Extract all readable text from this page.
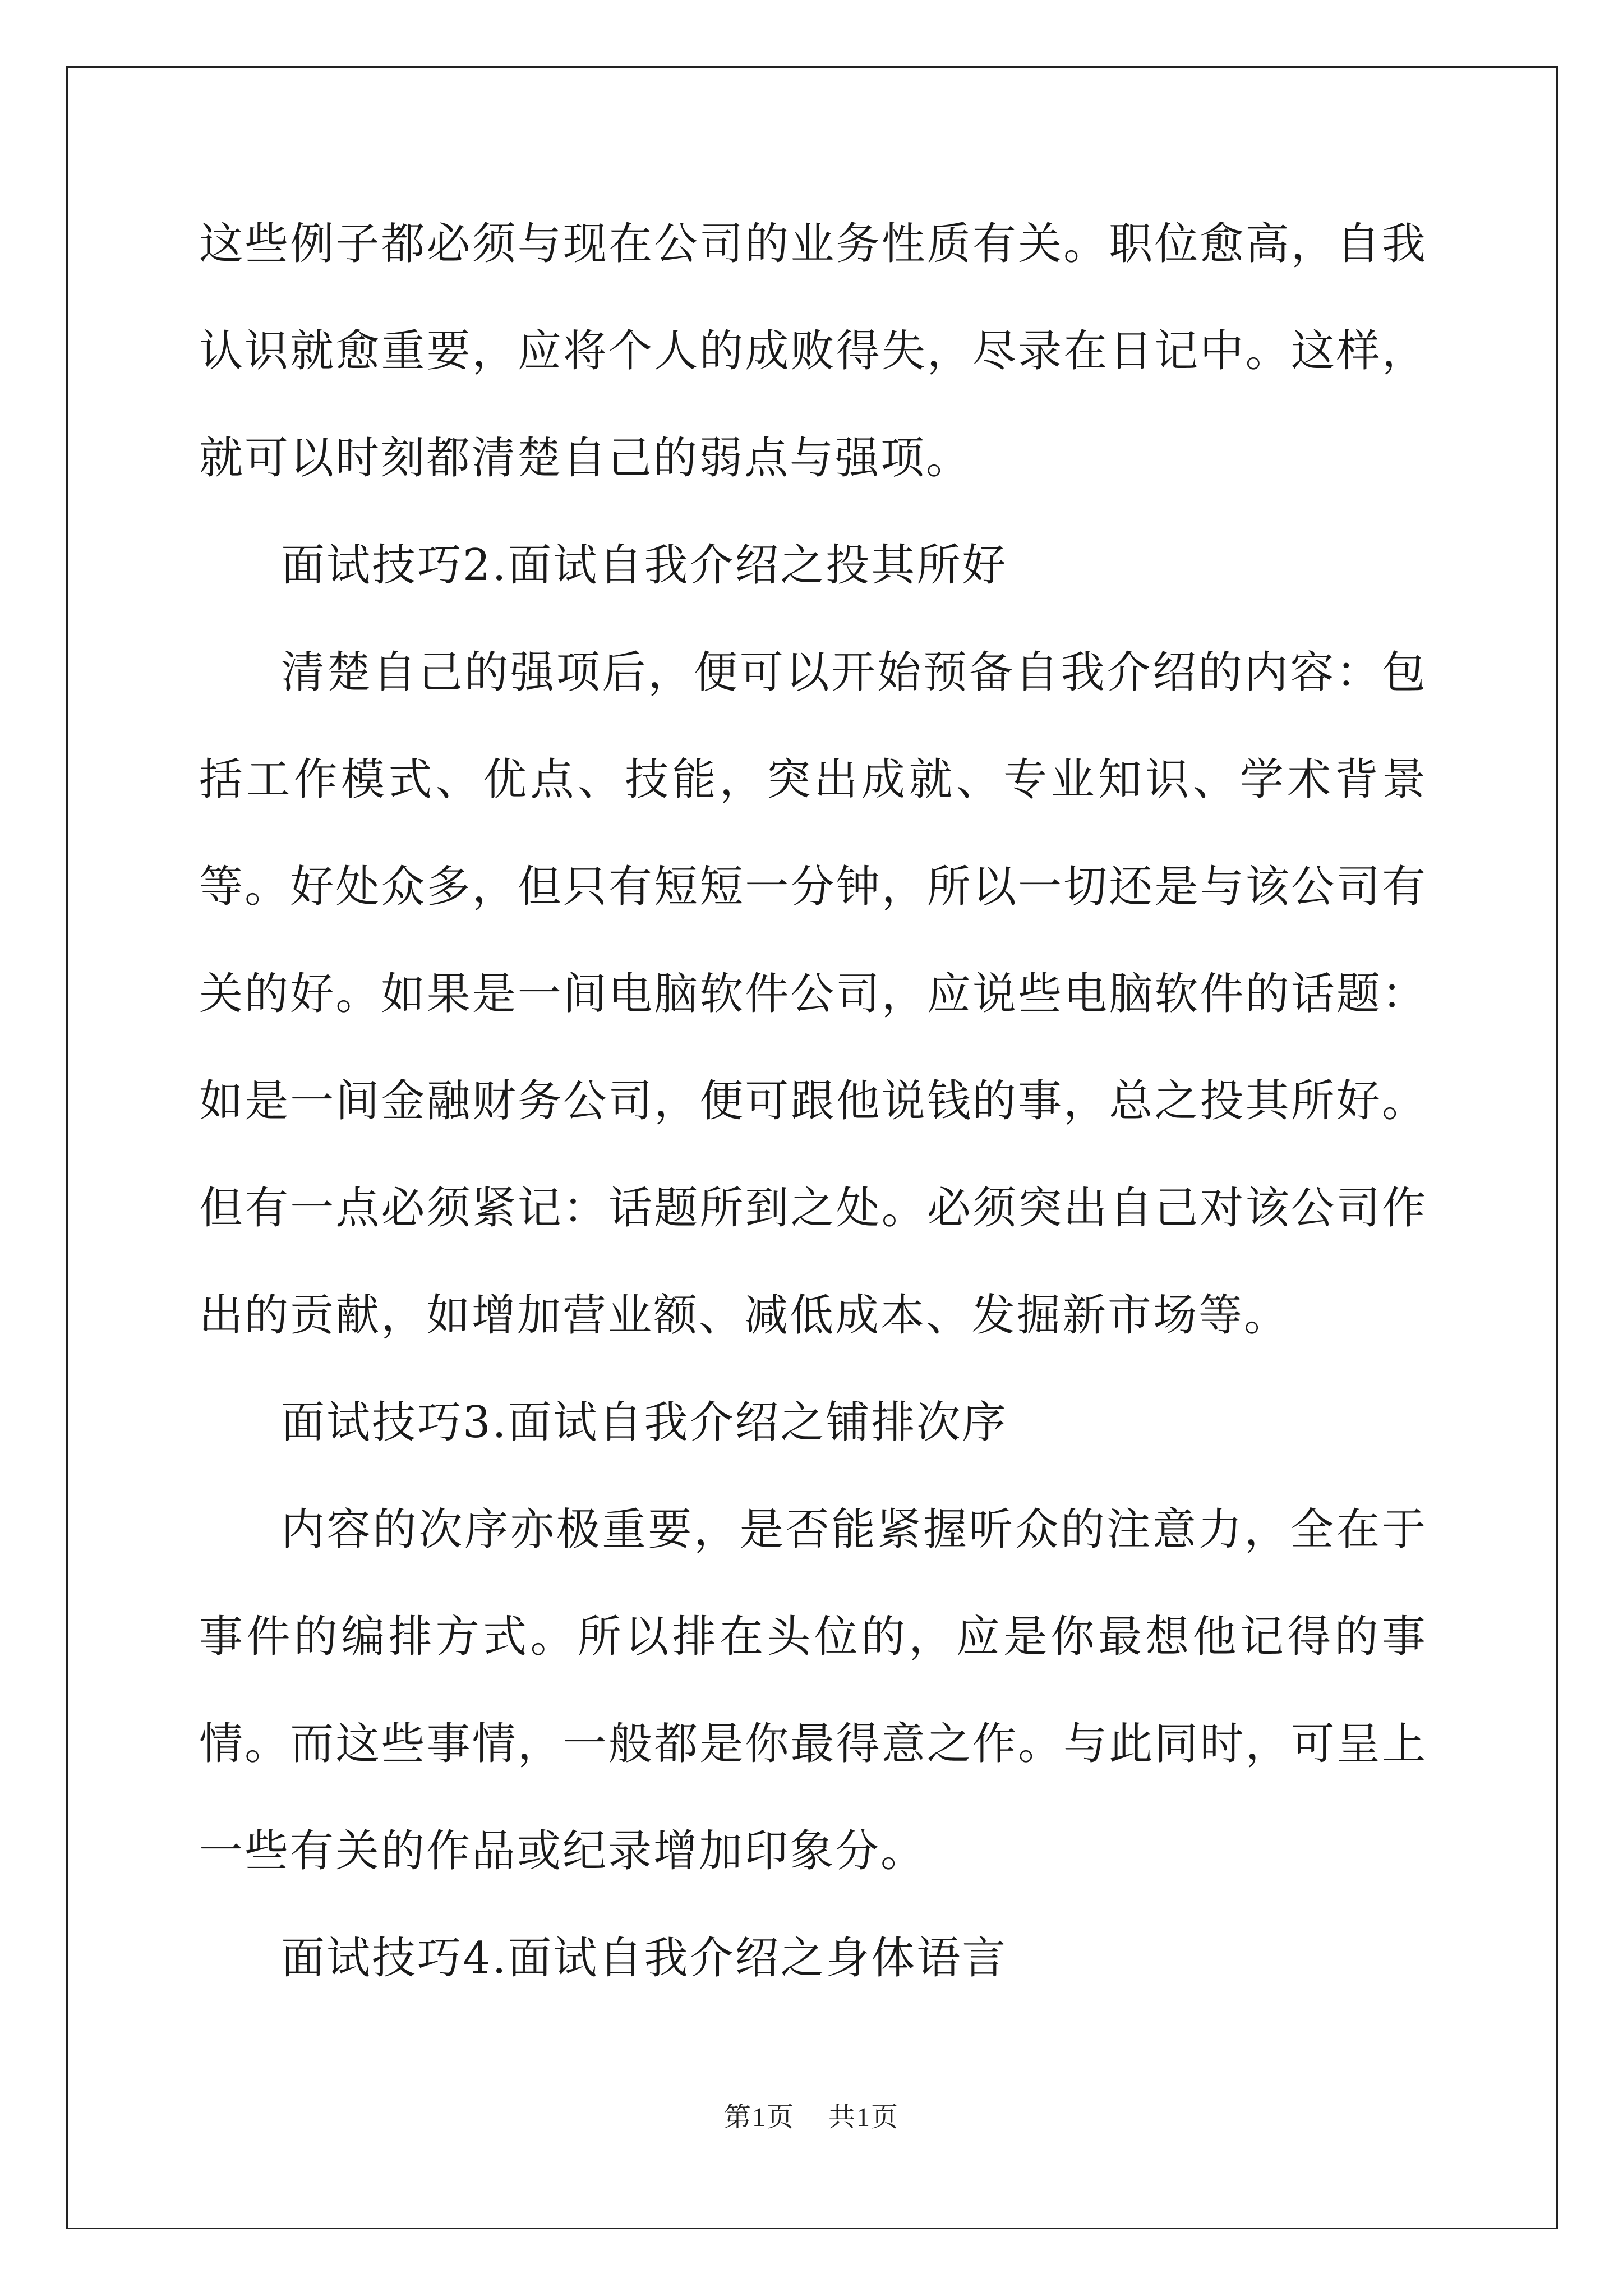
这些例子都必须与现在公司的业务性质有关。职位愈高，自我认识就愈重要，应将个人的成败得失，尽录在日记中。这样，就可以时刻都清楚自己的弱点与强项。

面试技巧2.面试自我介绍之投其所好

清楚自己的强项后，便可以开始预备自我介绍的内容：包括工作模式、优点、技能，突出成就、专业知识、学术背景等。好处众多，但只有短短一分钟，所以一切还是与该公司有关的好。如果是一间电脑软件公司，应说些电脑软件的话题：如是一间金融财务公司，便可跟他说钱的事，总之投其所好。但有一点必须紧记：话题所到之处。必须突出自己对该公司作出的贡献，如增加营业额、减低成本、发掘新市场等。

面试技巧3.面试自我介绍之铺排次序

内容的次序亦极重要，是否能紧握听众的注意力，全在于事件的编排方式。所以排在头位的，应是你最想他记得的事情。而这些事情，一般都是你最得意之作。与此同时，可呈上一些有关的作品或纪录增加印象分。

面试技巧4.面试自我介绍之身体语言

第1页 共1页
